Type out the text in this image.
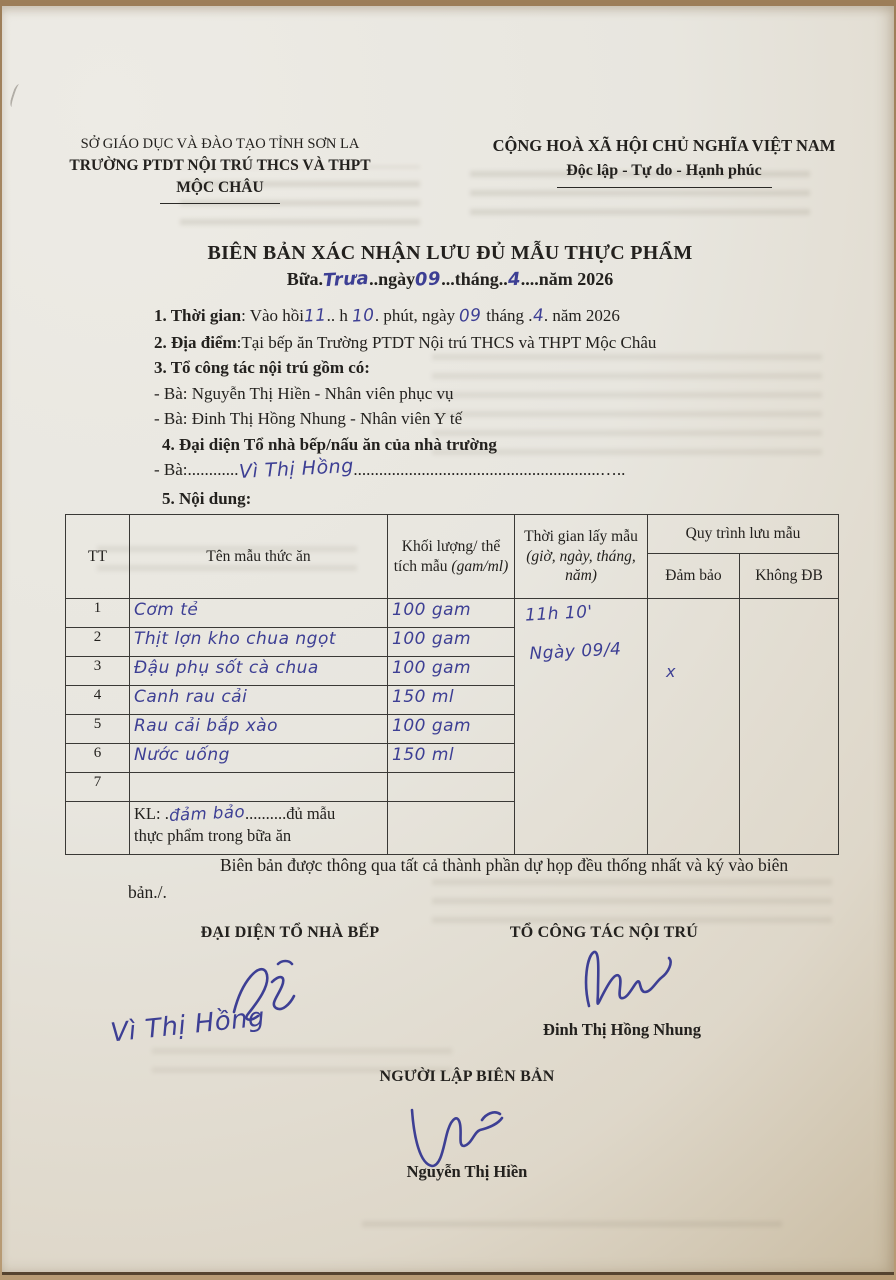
SỞ GIÁO DỤC VÀ ĐÀO TẠO TỈNH SƠN LA
TRƯỜNG PTDT NỘI TRÚ THCS VÀ THPT
MỘC CHÂU
CỘNG HOÀ XÃ HỘI CHỦ NGHĨA VIỆT NAM
Độc lập - Tự do - Hạnh phúc
BIÊN BẢN XÁC NHẬN LƯU ĐỦ MẪU THỰC PHẨM
Bữa.Trưa..ngày09...tháng..4....năm 2026
1. Thời gian: Vào hồi11.. h 10. phút, ngày 09 tháng .4. năm 2026
2. Địa điểm:Tại bếp ăn Trường PTDT Nội trú THCS và THPT Mộc Châu
3. Tổ công tác nội trú gồm có:
- Bà: Nguyễn Thị Hiền - Nhân viên phục vụ
- Bà: Đinh Thị Hồng Nhung - Nhân viên Y tế
4. Đại diện Tổ nhà bếp/nấu ăn của nhà trường
- Bà:............Vì Thị Hồng..........................................................…..
5. Nội dung:
TT	Tên mẫu thức ăn	Khối lượng/ thể tích mẫu (gam/ml)	Thời gian lấy mẫu (giờ, ngày, tháng, năm)	Quy trình lưu mẫu	
				Đảm bảo	Không ĐB
1	Cơm tẻ	100 gam	11h 10' Ngày 09/4	x	

2	Thịt lợn kho chua ngọt	100 gam			
3	Đậu phụ sốt cà chua	100 gam			
4	Canh rau cải	150 ml			
5	Rau cải bắp xào	100 gam			
6	Nước uống	150 ml			
7					

	KL: .đảm bảo..........đủ mẫu
thực phẩm trong bữa ăn				

Biên bản được thông qua tất cả thành phần dự họp đều thống nhất và ký vào biên bản./.
ĐẠI DIỆN TỔ NHÀ BẾP	TỔ CÔNG TÁC NỘI TRÚ
Vì Thị Hồng	Đinh Thị Hồng Nhung
NGƯỜI LẬP BIÊN BẢN
Nguyễn Thị Hiền
